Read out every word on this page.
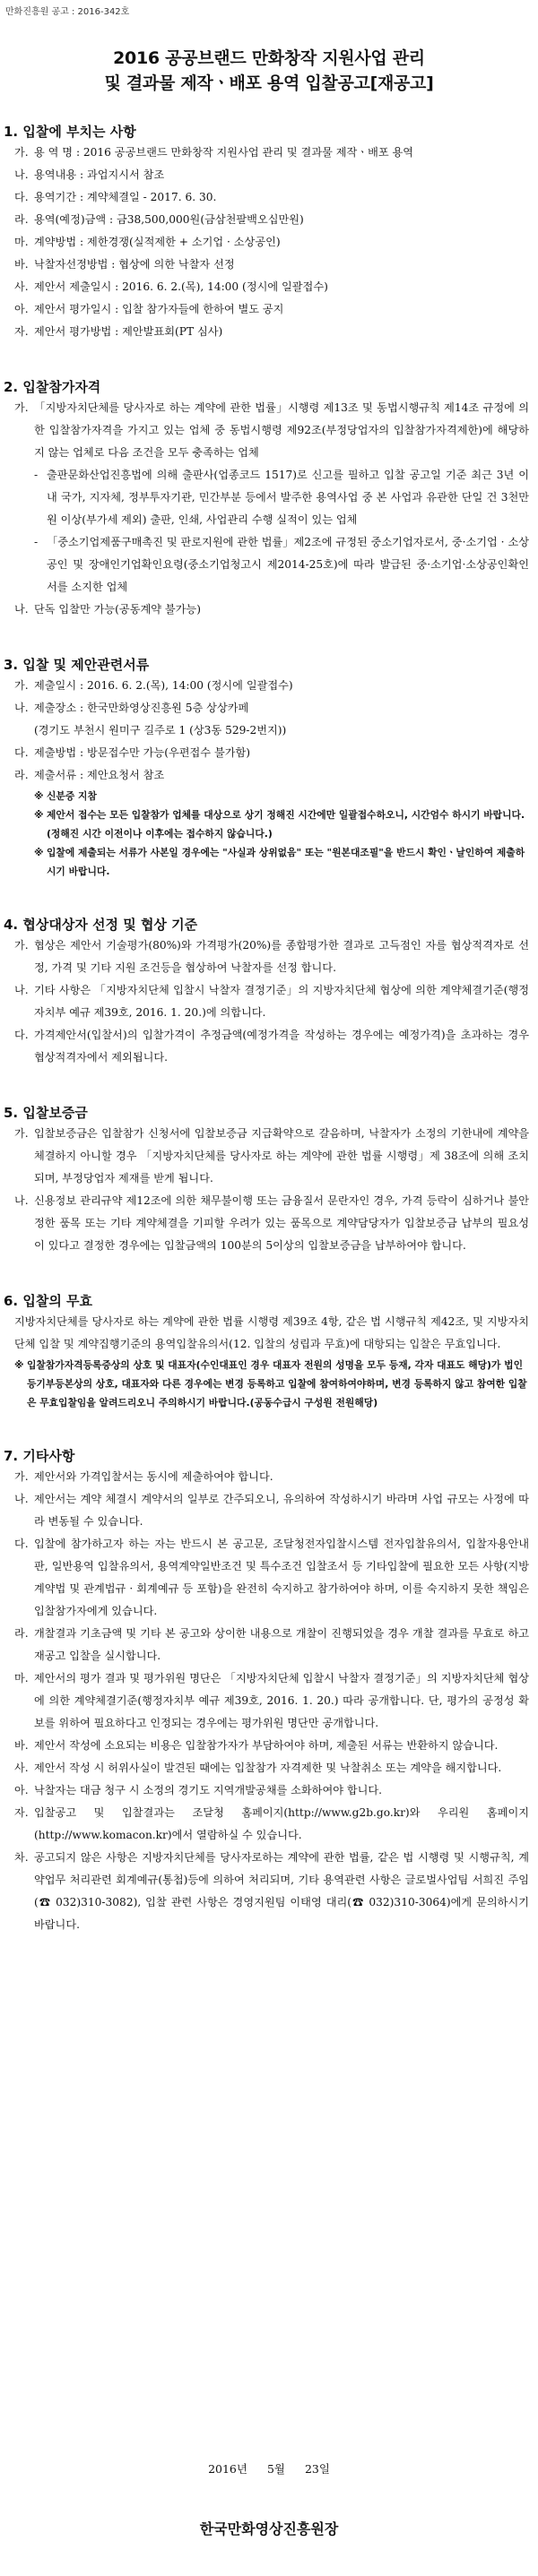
만화진흥원 공고 : 2016-342호
2016 공공브랜드 만화창작 지원사업 관리
및 결과물 제작ㆍ배포 용역 입찰공고[재공고]

1. 입찰에 부치는 사항

가. 용 역 명 : 2016 공공브랜드 만화창작 지원사업 관리 및 결과물 제작ㆍ배포 용역

나. 용역내용 : 과업지시서 참조

다. 용역기간 : 계약체결일 - 2017. 6. 30.

라. 용역(예정)금액 : 금38,500,000원(금삼천팔백오십만원)

마. 계약방법 : 제한경쟁(실적제한 + 소기업 · 소상공인)

바. 낙찰자선정방법 : 협상에 의한 낙찰자 선정

사. 제안서 제출일시 : 2016. 6. 2.(목), 14:00 (정시에 일괄접수)

아. 제안서 평가일시 : 입찰 참가자들에 한하여 별도 공지

자. 제안서 평가방법 : 제안발표회(PT 심사)

2. 입찰참가자격

가. 「지방자치단체를 당사자로 하는 계약에 관한 법률」시행령 제13조 및 동법시행규칙 제14조 규정에 의한 입찰참가자격을 가지고 있는 업체 중 동법시행령 제92조(부정당업자의 입찰참가자격제한)에 해당하지 않는 업체로 다음 조건을 모두 충족하는 업체

- 출판문화산업진흥법에 의해 출판사(업종코드 1517)로 신고를 필하고 입찰 공고일 기준 최근 3년 이내 국가, 지자체, 정부투자기관, 민간부분 등에서 발주한 용역사업 중 본 사업과 유관한 단일 건 3천만원 이상(부가세 제외) 출판, 인쇄, 사업관리 수행 실적이 있는 업체

- 「중소기업제품구매촉진 및 판로지원에 관한 법률」제2조에 규정된 중소기업자로서, 중·소기업 · 소상공인 및 장애인기업확인요령(중소기업청고시 제2014-25호)에 따라 발급된 중·소기업·소상공인확인서를 소지한 업체

나. 단독 입찰만 가능(공동계약 불가능)

3. 입찰 및 제안관련서류

가. 제출일시 : 2016. 6. 2.(목), 14:00 (정시에 일괄접수)

나. 제출장소 : 한국만화영상진흥원 5층 상상카페

(경기도 부천시 원미구 길주로 1 (상3동 529-2번지))

다. 제출방법 : 방문접수만 가능(우편접수 불가함)

라. 제출서류 : 제안요청서 참조

※ 신분증 지참

※ 제안서 접수는 모든 입찰참가 업체를 대상으로 상기 정해진 시간에만 일괄접수하오니, 시간엄수 하시기 바랍니다.(정해진 시간 이전이나 이후에는 접수하지 않습니다.)

※ 입찰에 제출되는 서류가 사본일 경우에는 "사실과 상위없음" 또는 "원본대조필"을 반드시 확인ㆍ날인하여 제출하시기 바랍니다.

4. 협상대상자 선정 및 협상 기준

가. 협상은 제안서 기술평가(80%)와 가격평가(20%)를 종합평가한 결과로 고득점인 자를 협상적격자로 선정, 가격 및 기타 지원 조건등을 협상하여 낙찰자를 선정 합니다.

나. 기타 사항은 「지방자치단체 입찰시 낙찰자 결정기준」의 지방자치단체 협상에 의한 계약체결기준(행정자치부 예규 제39호, 2016. 1. 20.)에 의합니다.

다. 가격제안서(입찰서)의 입찰가격이 추정금액(예정가격을 작성하는 경우에는 예정가격)을 초과하는 경우 협상적격자에서 제외됩니다.

5. 입찰보증금

가. 입찰보증금은 입찰참가 신청서에 입찰보증금 지급확약으로 갈음하며, 낙찰자가 소정의 기한내에 계약을 체결하지 아니할 경우 「지방자치단체를 당사자로 하는 계약에 관한 법률 시행령」제 38조에 의해 조치되며, 부정당업자 제재를 받게 됩니다.

나. 신용정보 관리규약 제12조에 의한 채무불이행 또는 금융질서 문란자인 경우, 가격 등락이 심하거나 불안정한 품목 또는 기타 계약체결을 기피할 우려가 있는 품목으로 계약담당자가 입찰보증금 납부의 필요성이 있다고 결정한 경우에는 입찰금액의 100분의 5이상의 입찰보증금을 납부하여야 합니다.

6. 입찰의 무효

지방자치단체를 당사자로 하는 계약에 관한 법률 시행령 제39조 4항, 같은 법 시행규칙 제42조, 및 지방자치단체 입찰 및 계약집행기준의 용역입찰유의서(12. 입찰의 성립과 무효)에 대항되는 입찰은 무효입니다.

※ 입찰참가자격등록증상의 상호 및 대표자(수인대표인 경우 대표자 전원의 성명을 모두 등재, 각자 대표도 해당)가 법인등기부등본상의 상호, 대표자와 다른 경우에는 변경 등록하고 입찰에 참여하여야하며, 변경 등록하지 않고 참여한 입찰은 무효입찰임을 알려드리오니 주의하시기 바랍니다.(공동수급시 구성원 전원해당)

7. 기타사항

가. 제안서와 가격입찰서는 동시에 제출하여야 합니다.

나. 제안서는 계약 체결시 계약서의 일부로 간주되오니, 유의하여 작성하시기 바라며 사업 규모는 사정에 따라 변동될 수 있습니다.

다. 입찰에 참가하고자 하는 자는 반드시 본 공고문, 조달청전자입찰시스템 전자입찰유의서, 입찰자용안내판, 일반용역 입찰유의서, 용역계약일반조건 및 특수조건 입찰조서 등 기타입찰에 필요한 모든 사항(지방계약법 및 관계법규 · 회계예규 등 포함)을 완전히 숙지하고 참가하여야 하며, 이를 숙지하지 못한 책임은 입찰참가자에게 있습니다.

라. 개찰결과 기초금액 및 기타 본 공고와 상이한 내용으로 개찰이 진행되었을 경우 개찰 결과를 무효로 하고 재공고 입찰을 실시합니다.

마. 제안서의 평가 결과 및 평가위원 명단은 「지방자치단체 입찰시 낙찰자 결정기준」의 지방자치단체 협상에 의한 계약체결기준(행정자치부 예규 제39호, 2016. 1. 20.) 따라 공개합니다. 단, 평가의 공정성 확보를 위하여 필요하다고 인정되는 경우에는 평가위원 명단만 공개합니다.

바. 제안서 작성에 소요되는 비용은 입찰참가자가 부담하여야 하며, 제출된 서류는 반환하지 않습니다.

사. 제안서 작성 시 허위사실이 발견된 때에는 입찰참가 자격제한 및 낙찰취소 또는 계약을 해지합니다.

아. 낙찰자는 대금 청구 시 소정의 경기도 지역개발공채를 소화하여야 합니다.

자. 입찰공고 및 입찰결과는 조달청 홈페이지(http://www.g2b.go.kr)와 우리원 홈페이지(http://www.komacon.kr)에서 열람하실 수 있습니다.

차. 공고되지 않은 사항은 지방자치단체를 당사자로하는 계약에 관한 법률, 같은 법 시행령 및 시행규칙, 계약업무 처리관련 회계예규(통첩)등에 의하여 처리되며, 기타 용역관련 사항은 글로벌사업팀 서희진 주임(☎ 032)310-3082), 입찰 관련 사항은 경영지원팀 이태영 대리(☎ 032)310-3064)에게 문의하시기 바랍니다.

2016년 5월 23일
한국만화영상진흥원장
